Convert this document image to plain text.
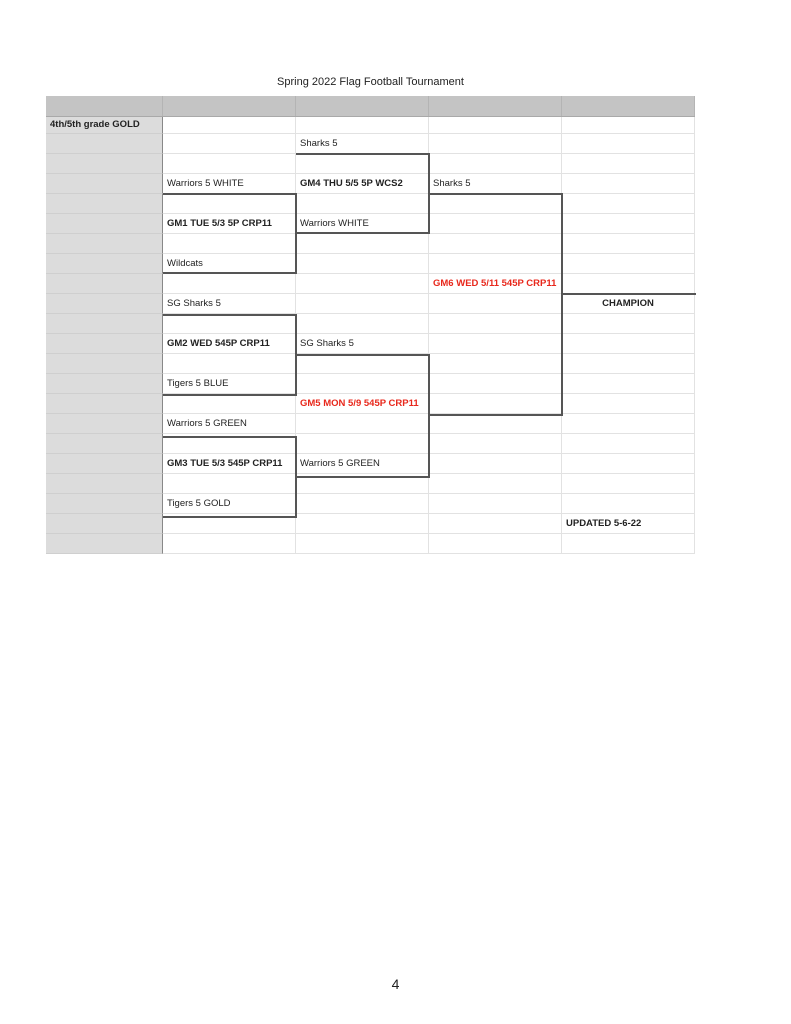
Spring 2022 Flag Football Tournament
4th/5th grade GOLD
Sharks 5
Warriors 5 WHITE	GM4 THU 5/5 5P WCS2	Sharks 5
GM1 TUE 5/3 5P CRP11	Warriors WHITE
Wildcats
GM6 WED 5/11 545P CRP11
SG Sharks 5	CHAMPION
GM2 WED 545P CRP11	SG Sharks 5
Tigers 5 BLUE
GM5 MON 5/9 545P CRP11
Warriors 5 GREEN
GM3 TUE 5/3 545P CRP11	Warriors 5 GREEN
Tigers 5 GOLD
UPDATED 5-6-22
4
